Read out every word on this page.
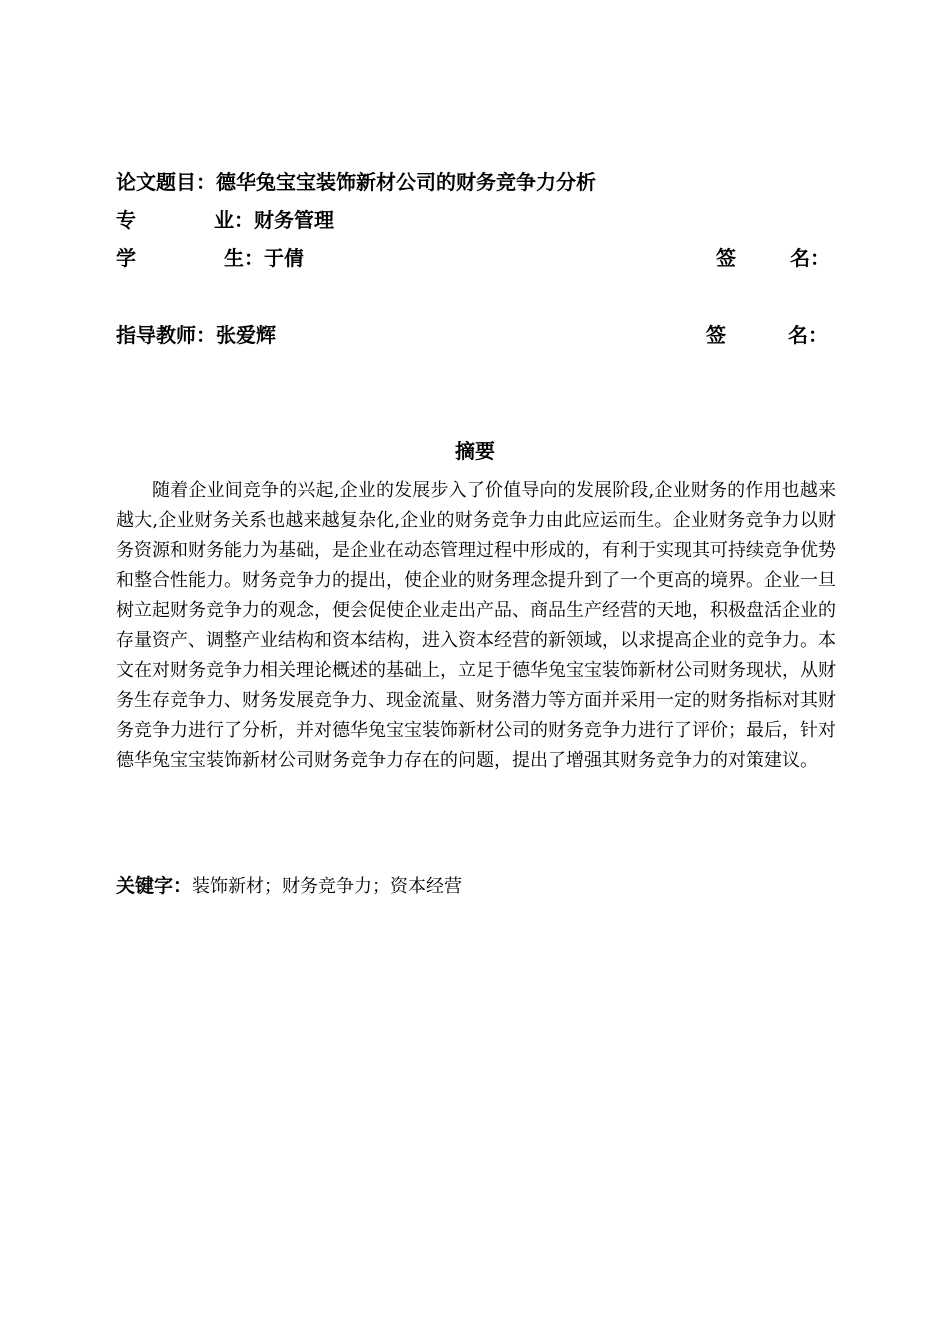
论文题目：德华兔宝宝装饰新材公司的财务竞争力分析
专	业：财务管理
学	生：于倩	签	名：
指导教师：张爱辉	签	名：
摘要

随着企业间竞争的兴起,企业的发展步入了价值导向的发展阶段,企业财务的作用也越来越大,企业财务关系也越来越复杂化,企业的财务竞争力由此应运而生。企业财务竞争力以财务资源和财务能力为基础，是企业在动态管理过程中形成的，有利于实现其可持续竞争优势和整合性能力。财务竞争力的提出，使企业的财务理念提升到了一个更高的境界。企业一旦树立起财务竞争力的观念，便会促使企业走出产品、商品生产经营的天地，积极盘活企业的存量资产、调整产业结构和资本结构，进入资本经营的新领域，以求提高企业的竞争力。本文在对财务竞争力相关理论概述的基础上，立足于德华兔宝宝装饰新材公司财务现状，从财务生存竞争力、财务发展竞争力、现金流量、财务潜力等方面并采用一定的财务指标对其财务竞争力进行了分析，并对德华兔宝宝装饰新材公司的财务竞争力进行了评价；最后，针对德华兔宝宝装饰新材公司财务竞争力存在的问题，提出了增强其财务竞争力的对策建议。

关键字：装饰新材；财务竞争力；资本经营
